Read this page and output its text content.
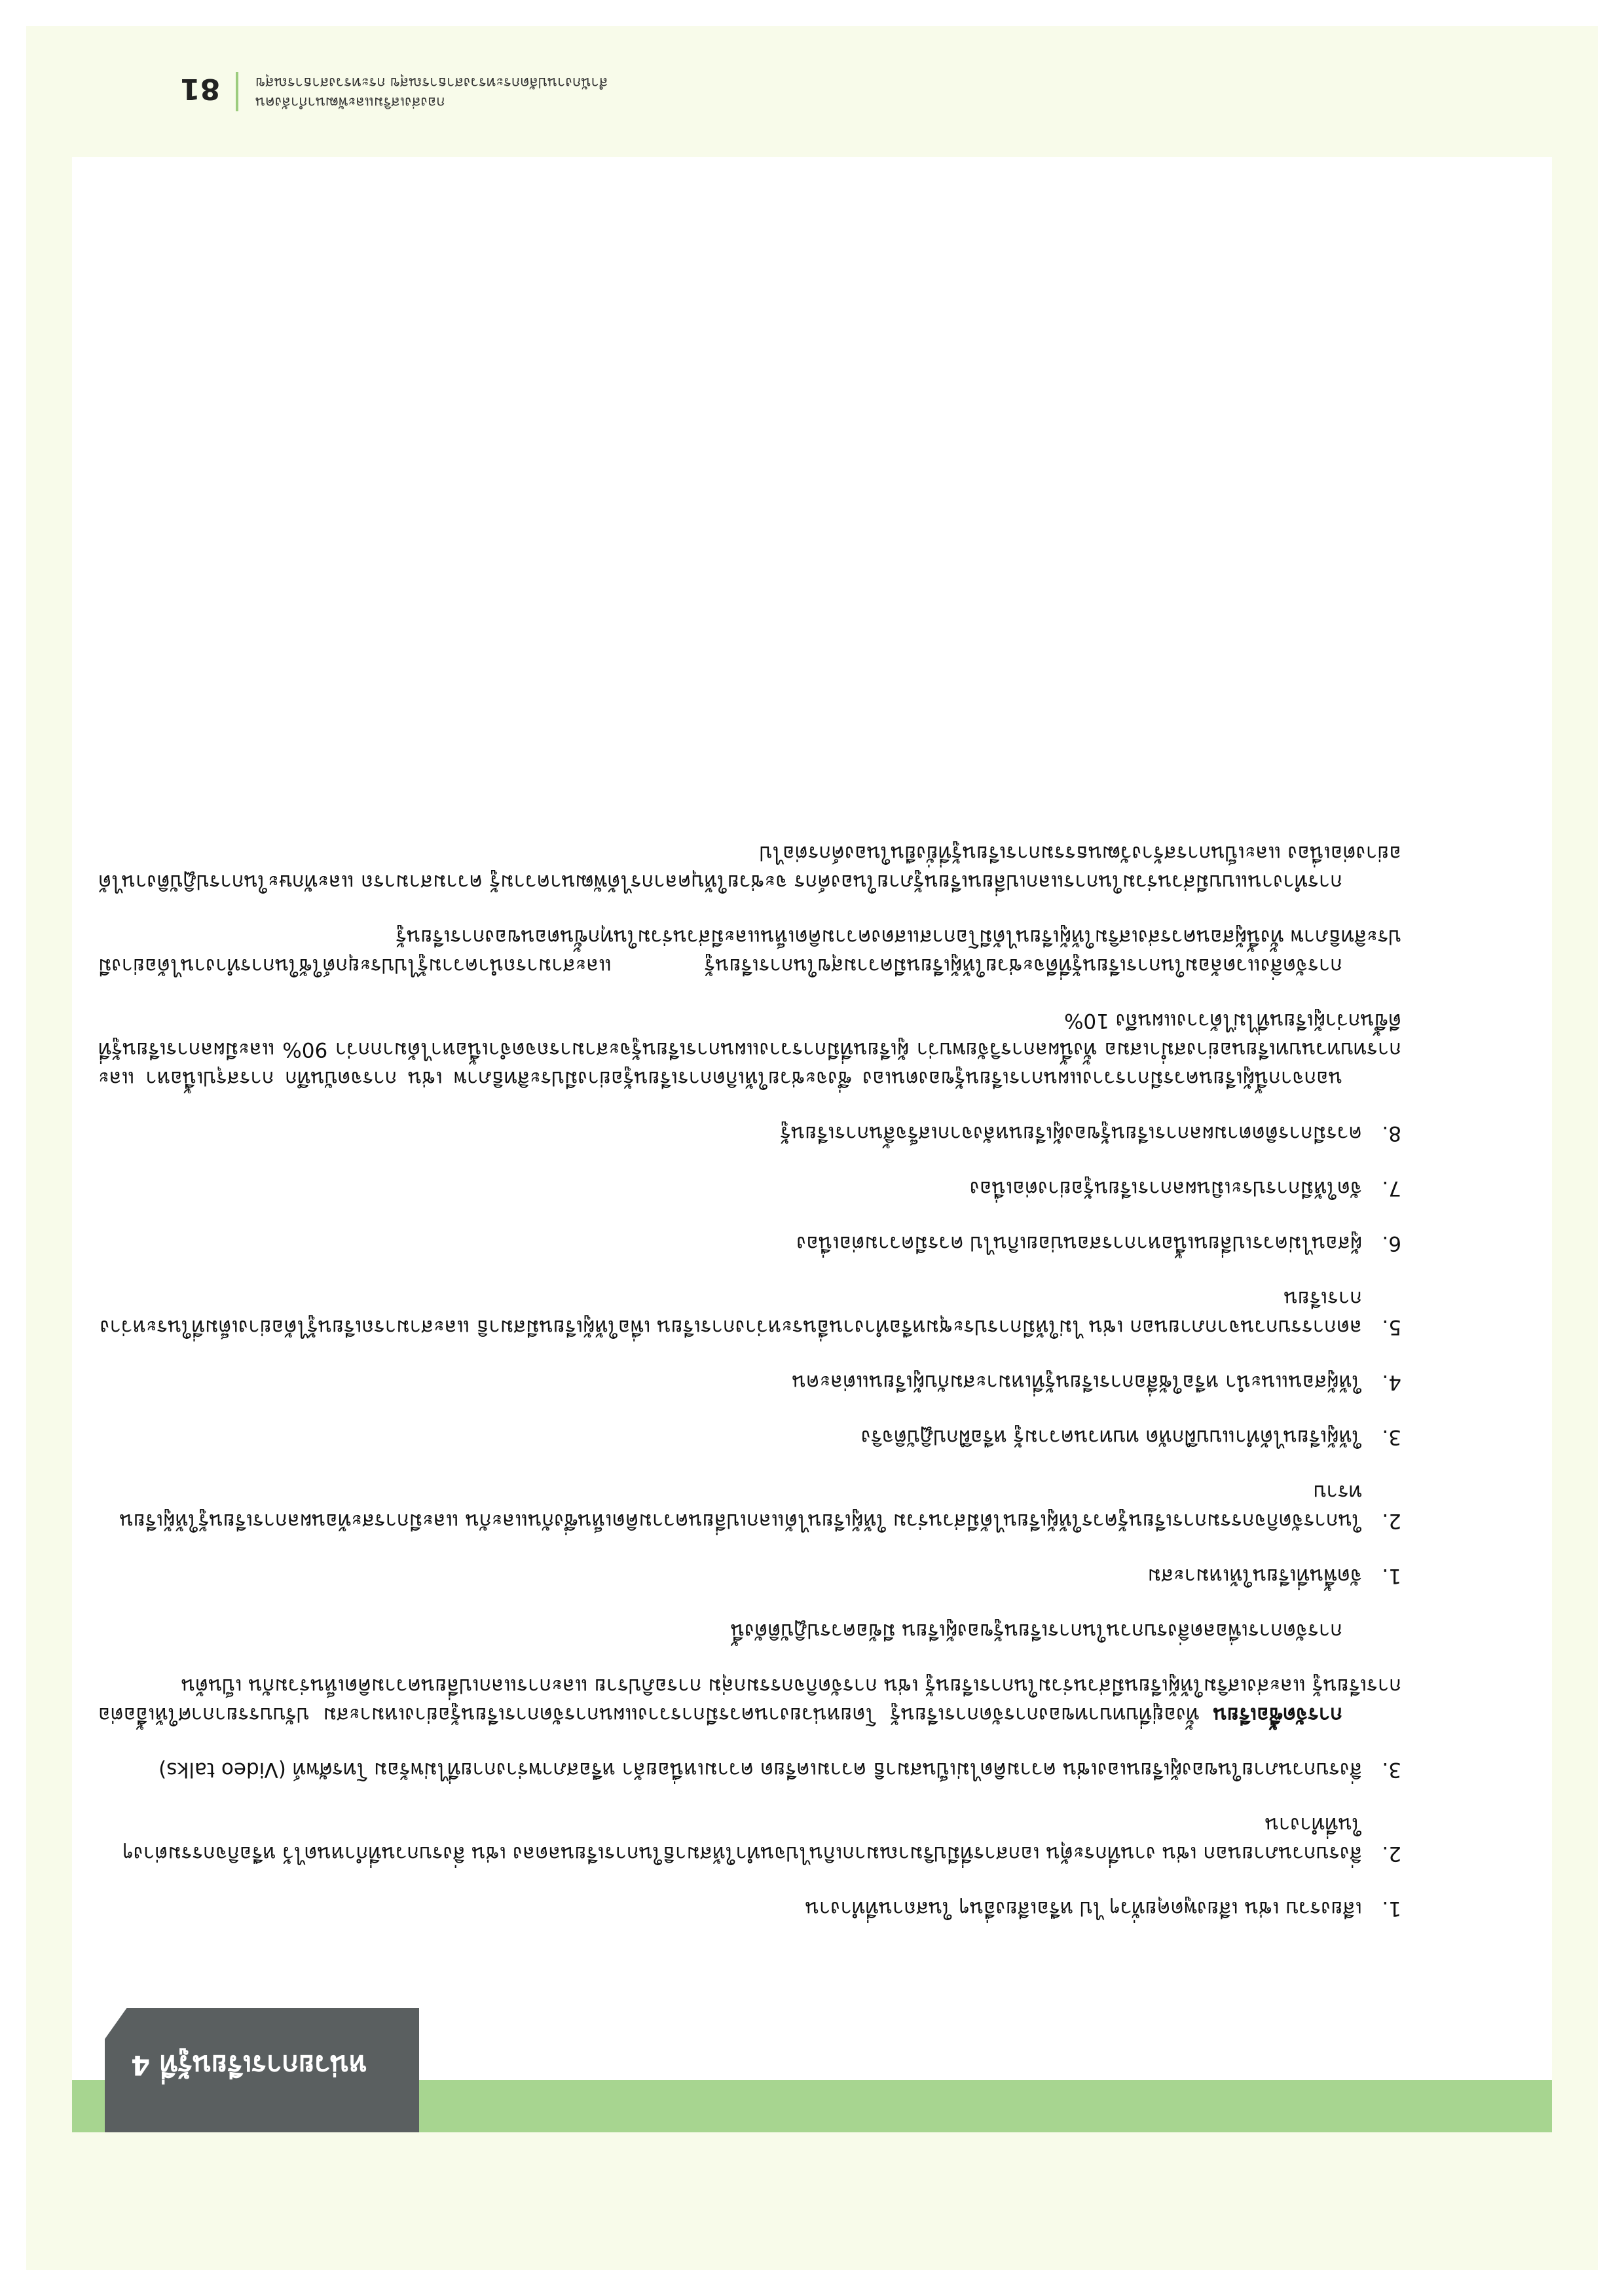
หน่วยการเรียนรู้ที่ 4
1.
เสียงรวบ เช่น เสียงพูดคุยทั่วๆ ไป หรือเสียงอื่นๆ ในสถานที่ทำงาน
2.
สิ่งรบกวนภายนอก เช่น งานที่กระตุ้น เอกสารที่มีปริมาณมากเกินไปจนทำให้สมาธิในการเรียนลดลง เช่น สิ่งรบกวนที่กำหนดไว้ หรือกิจกรรมต่างๆ ในที่ทำงาน
3.
สิ่งรบกวนภายในของผู้เรียนเองเช่น ความคิดไม่เป็นสมาธิ ความเครียด ความเหนื่อยล้า หรือสภาพร่างกายที่ไม่พร้อม โทรศัพท์ (Video talks)

การจัดซื้อเรียน ทั้งอยู่ที่บทบาทของการจัดการเรียนรู้ โดยหน่วยงานควรมีการวางแผนการจัดการเรียนรู้อย่างเหมาะสม ปรับบรรยากาศให้เอื้อต่อการเรียนรู้ และส่งเสริมให้ผู้เรียนมีส่วนร่วมในการเรียนรู้ เช่น การจัดกิจกรรมกลุ่ม การอภิปราย และการแลกเปลี่ยนความคิดเห็นร่วมกัน เป็นต้น

การจัดการเพื่อลดสิ่งรบกวนในการเรียนรู้ของผู้เรียน มีข้อควรปฏิบัติดังนี้

1.
จัดพื้นที่เรียนให้เหมาะสม
2.
ในการจัดกิจกรรมการเรียนรู้ควรให้ผู้เรียนได้มีส่วนร่วม ให้ผู้เรียนได้แลกเปลี่ยนความคิดเห็นซึ่งกันและกัน และมีการสะท้อนผลการเรียนรู้ให้ผู้เรียนทราบ
3.
ให้ผู้เรียนได้ทำแบบฝึกหัด ทบทวนความรู้ หรือฝึกปฏิบัติจริง
4.
ให้ผู้สอนแนะนำ หรือใช้สื่อการเรียนรู้ที่เหมาะสมกับผู้เรียนแต่ละคน
5.
ลดการรบกวนจากภายนอก เช่น ไม่ให้มีการประชุมหรือทำงานอื่นระหว่างการเรียน เพื่อให้ผู้เรียนมีสมาธิ และสามารถเรียนรู้ได้อย่างเต็มที่ในระหว่างการเรียน
6.
ผู้สอนไม่ควรเปลี่ยนเนื้อหาการสอนบ่อยเกินไป ควรมีความต่อเนื่อง
7.
จัดให้มีการประเมินผลการเรียนรู้อย่างต่อเนื่อง
8.
ควรมีการติดตามผลการเรียนรู้ของผู้เรียนหลังจากเสร็จสิ้นการเรียนรู้

นอกจากนี้ผู้เรียนควรมีการวางแผนการเรียนรู้ของตนเอง ซึ่งจะช่วยให้เกิดการเรียนรู้อย่างมีประสิทธิภาพ เช่น การจดบันทึก การสรุปเนื้อหา และการทบทวนบทเรียนอย่างสม่ำเสมอ ทั้งนี้ผลการวิจัยพบว่า ผู้เรียนที่มีการวางแผนการเรียนรู้จะสามารถจดจำเนื้อหาได้มากกว่า 90% และมีผลการเรียนรู้ที่ดีขึ้นกว่าผู้เรียนที่ไม่ได้วางแผนถึง 10%

การจัดสิ่งแวดล้อมในการเรียนรู้ที่ดีจะช่วยให้ผู้เรียนมีความสุขในการเรียนรู้ และสามารถนำความรู้ไปประยุกต์ใช้ในการทำงานได้อย่างมีประสิทธิภาพ ทั้งนี้ผู้สอนควรส่งเสริมให้ผู้เรียนได้มีโอกาสแสดงความคิดเห็นและมีส่วนร่วมในทุกขั้นตอนของการเรียนรู้

การทำงานแบบมีส่วนร่วมในการแลกเปลี่ยนเรียนรู้ภายในองค์กร จะช่วยให้บุคลากรได้พัฒนาความรู้ ความสามารถ และทักษะในการปฏิบัติงานได้อย่างต่อเนื่อง และเป็นการสร้างวัฒนธรรมการเรียนรู้ที่ยั่งยืนในองค์กรต่อไป

กองส่งเสริมและพัฒนากำลังคน
สำนักงานปลัดกระทรวงสาธารณสุข กระทรวงสาธารณสุข
81
